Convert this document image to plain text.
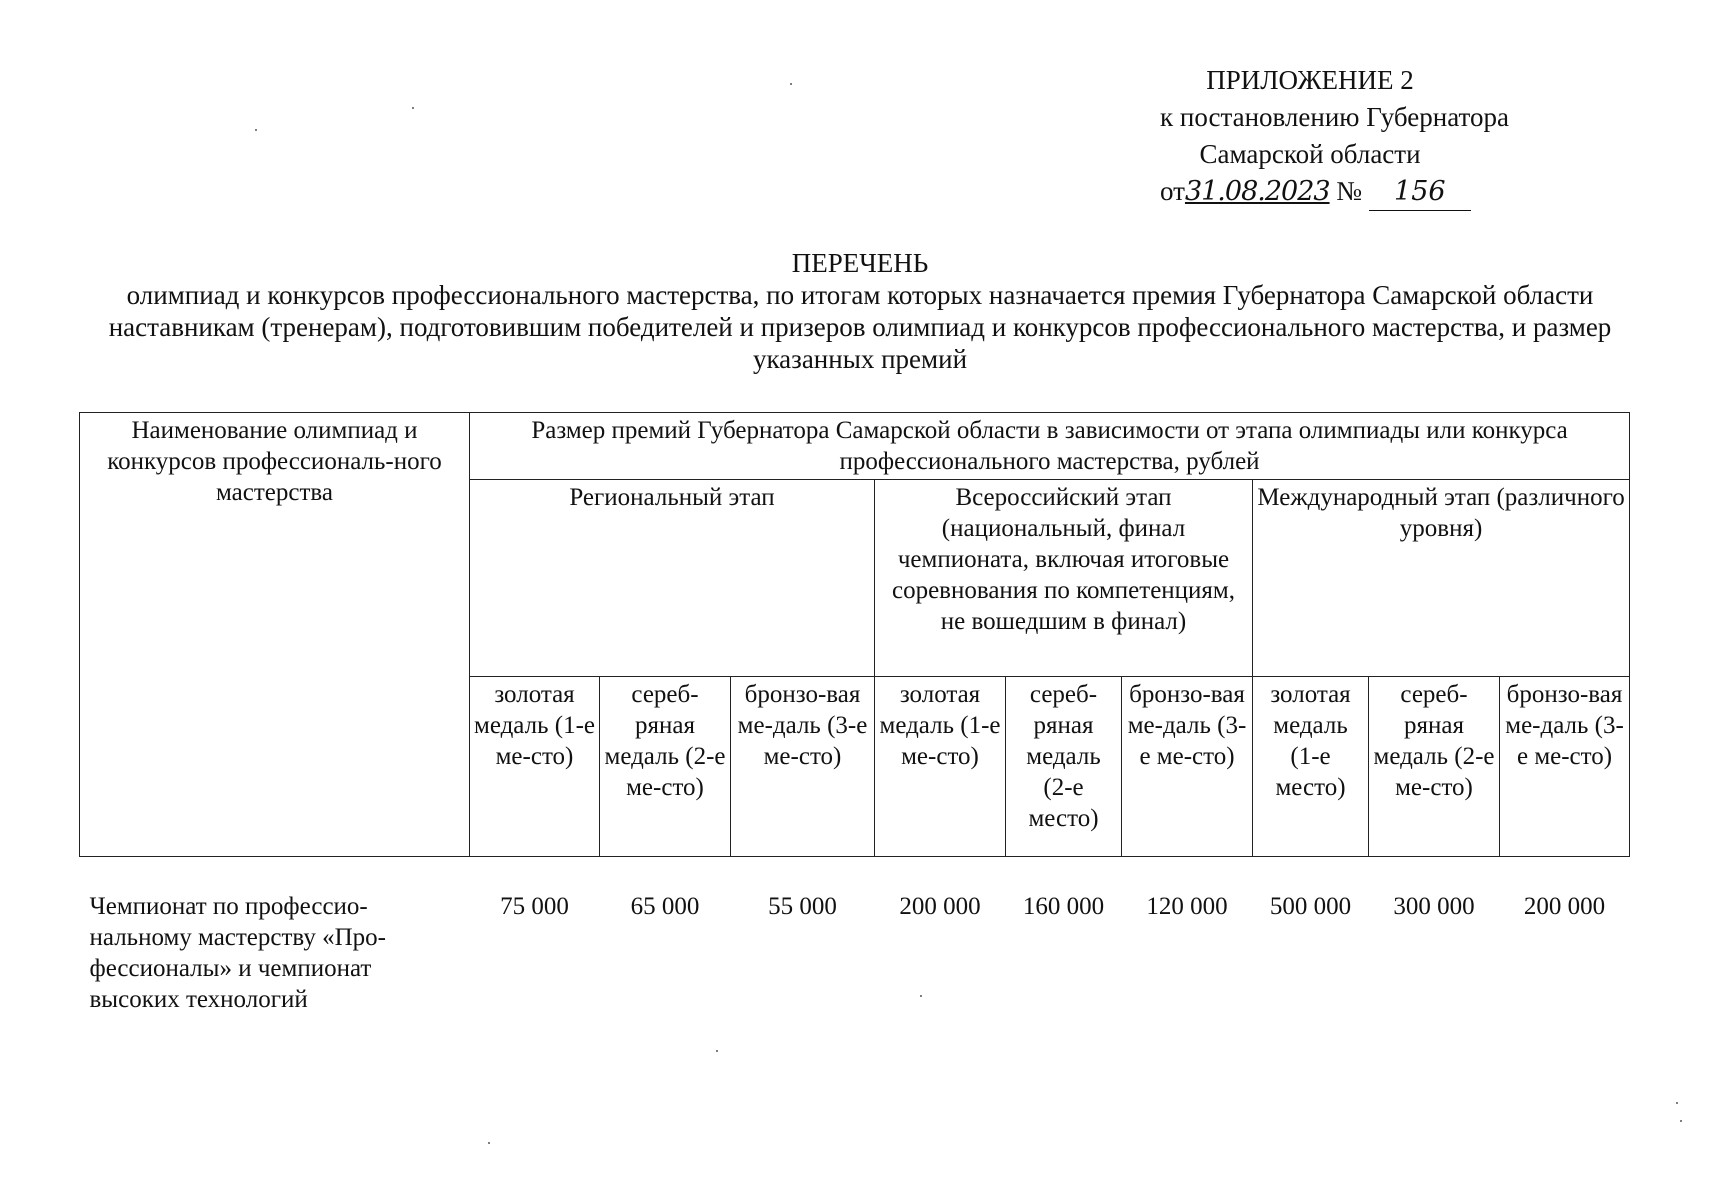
ПРИЛОЖЕНИЕ 2
к постановлению Губернатора
Самарской области
от31.08.2023 № 156
ПЕРЕЧЕНЬ
олимпиад и конкурсов профессионального мастерства, по итогам которых назначается премия Губернатора Самарской области наставникам (тренерам), подготовившим победителей и призеров олимпиад и конкурсов профессионального мастерства, и размер указанных премий
Наименование олимпиад и конкурсов профессиональ-ного мастерства	Размер премий Губернатора Самарской области в зависимости от этапа олимпиады или конкурса профессионального мастерства, рублей								
	Региональный этап			Всероссийский этап (национальный, финал чемпионата, включая итоговые соревнования по компетенциям, не вошедшим в финал)			Международный этап (различного уровня)		
	золотая медаль (1-е ме-сто)	сереб-ряная медаль (2-е ме-сто)	бронзо-вая ме-даль (3-е ме-сто)	золотая медаль (1-е ме-сто)	сереб-ряная медаль (2-е место)	бронзо-вая ме-даль (3-е ме-сто)	золотая медаль (1-е место)	сереб-ряная медаль (2-е ме-сто)	бронзо-вая ме-даль (3-е ме-сто)
Чемпионат по профессио-нальному мастерству «Про-фессионалы» и чемпионат высоких технологий	75 000	65 000	55 000	200 000	160 000	120 000	500 000	300 000	200 000
